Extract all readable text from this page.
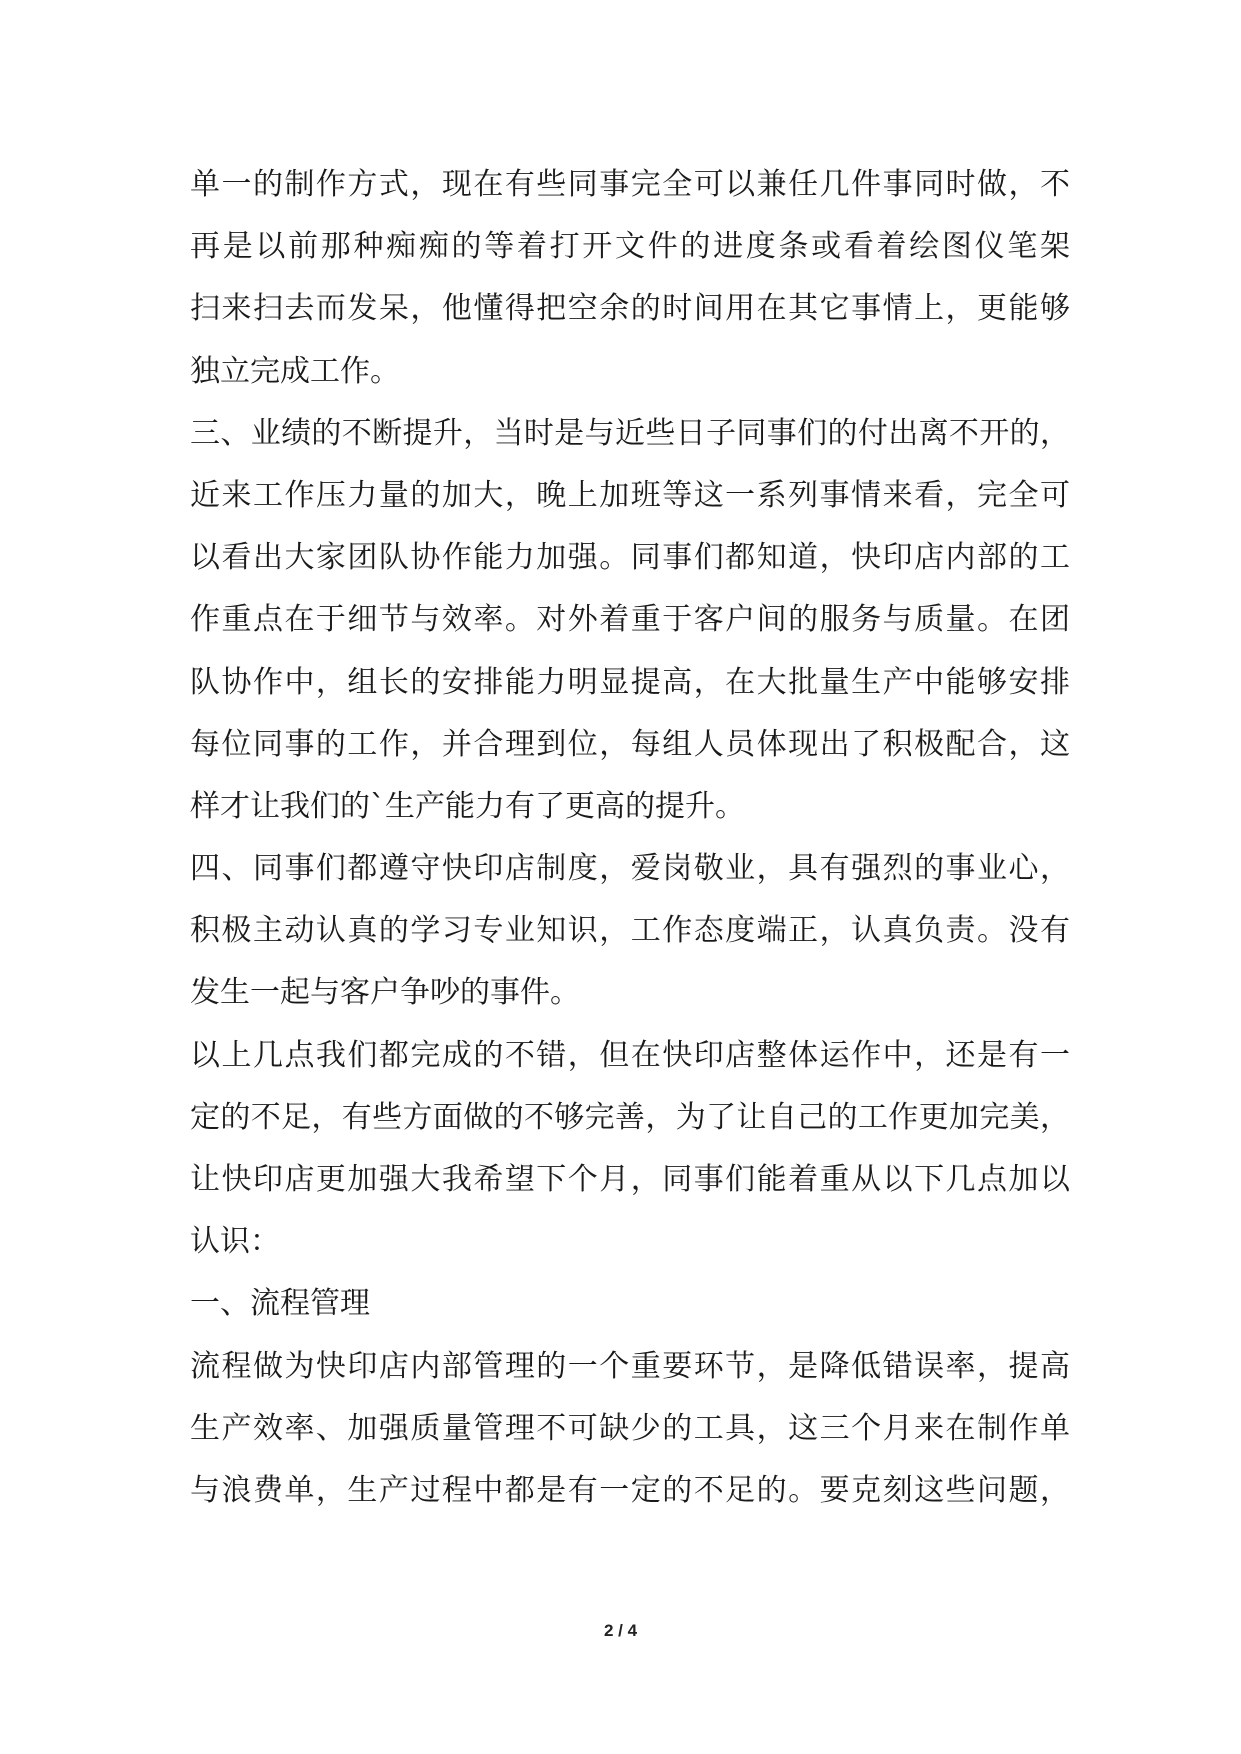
单一的制作方式，现在有些同事完全可以兼任几件事同时做，不
再是以前那种痴痴的等着打开文件的进度条或看着绘图仪笔架
扫来扫去而发呆，他懂得把空余的时间用在其它事情上，更能够
独立完成工作。
三、业绩的不断提升，当时是与近些日子同事们的付出离不开的，
近来工作压力量的加大，晚上加班等这一系列事情来看，完全可
以看出大家团队协作能力加强。同事们都知道，快印店内部的工
作重点在于细节与效率。对外着重于客户间的服务与质量。在团
队协作中，组长的安排能力明显提高，在大批量生产中能够安排
每位同事的工作，并合理到位，每组人员体现出了积极配合，这
样才让我们的`生产能力有了更高的提升。
四、同事们都遵守快印店制度，爱岗敬业，具有强烈的事业心，
积极主动认真的学习专业知识，工作态度端正，认真负责。没有
发生一起与客户争吵的事件。
以上几点我们都完成的不错，但在快印店整体运作中，还是有一
定的不足，有些方面做的不够完善，为了让自己的工作更加完美，
让快印店更加强大我希望下个月，同事们能着重从以下几点加以
认识：
一、流程管理
流程做为快印店内部管理的一个重要环节，是降低错误率，提高
生产效率、加强质量管理不可缺少的工具，这三个月来在制作单
与浪费单，生产过程中都是有一定的不足的。要克刻这些问题，
2 / 4
